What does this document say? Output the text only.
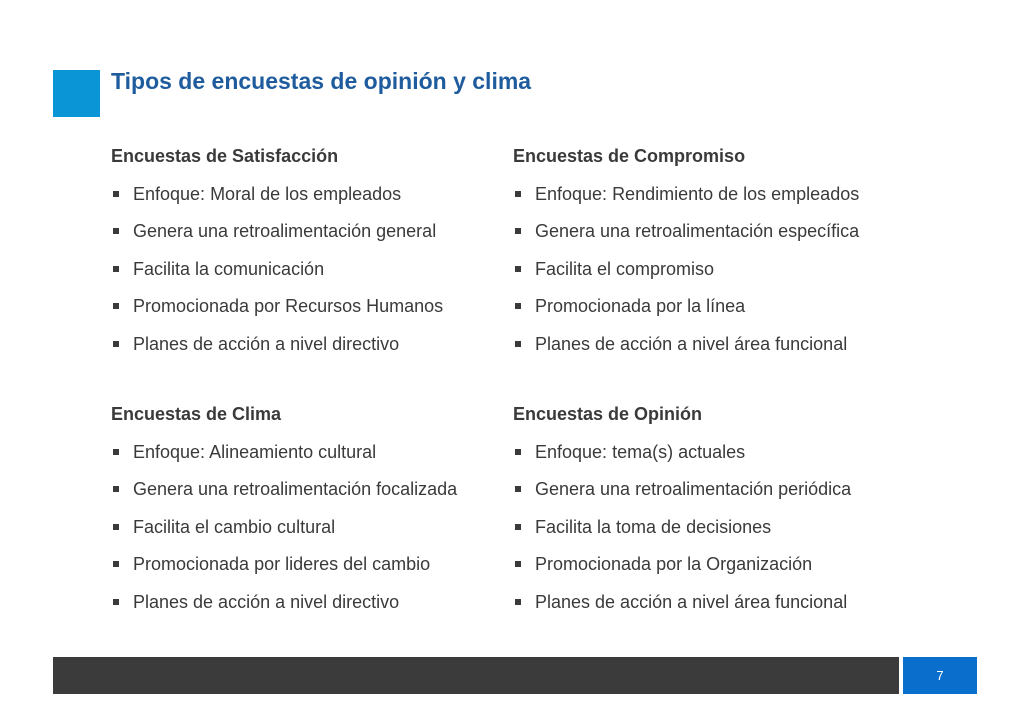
Tipos de encuestas de opinión y clima
Encuestas de Satisfacción
Enfoque: Moral de los empleados
Genera una retroalimentación general
Facilita la comunicación
Promocionada por Recursos Humanos
Planes de acción a nivel directivo
Encuestas de Compromiso
Enfoque: Rendimiento de los empleados
Genera una retroalimentación específica
Facilita el compromiso
Promocionada por la línea
Planes de acción a nivel área funcional
Encuestas de Clima
Enfoque: Alineamiento cultural
Genera una retroalimentación focalizada
Facilita el cambio cultural
Promocionada por lideres del cambio
Planes de acción a nivel directivo
Encuestas de Opinión
Enfoque: tema(s) actuales
Genera una retroalimentación periódica
Facilita la toma de decisiones
Promocionada por la Organización
Planes de acción a nivel área funcional
7
